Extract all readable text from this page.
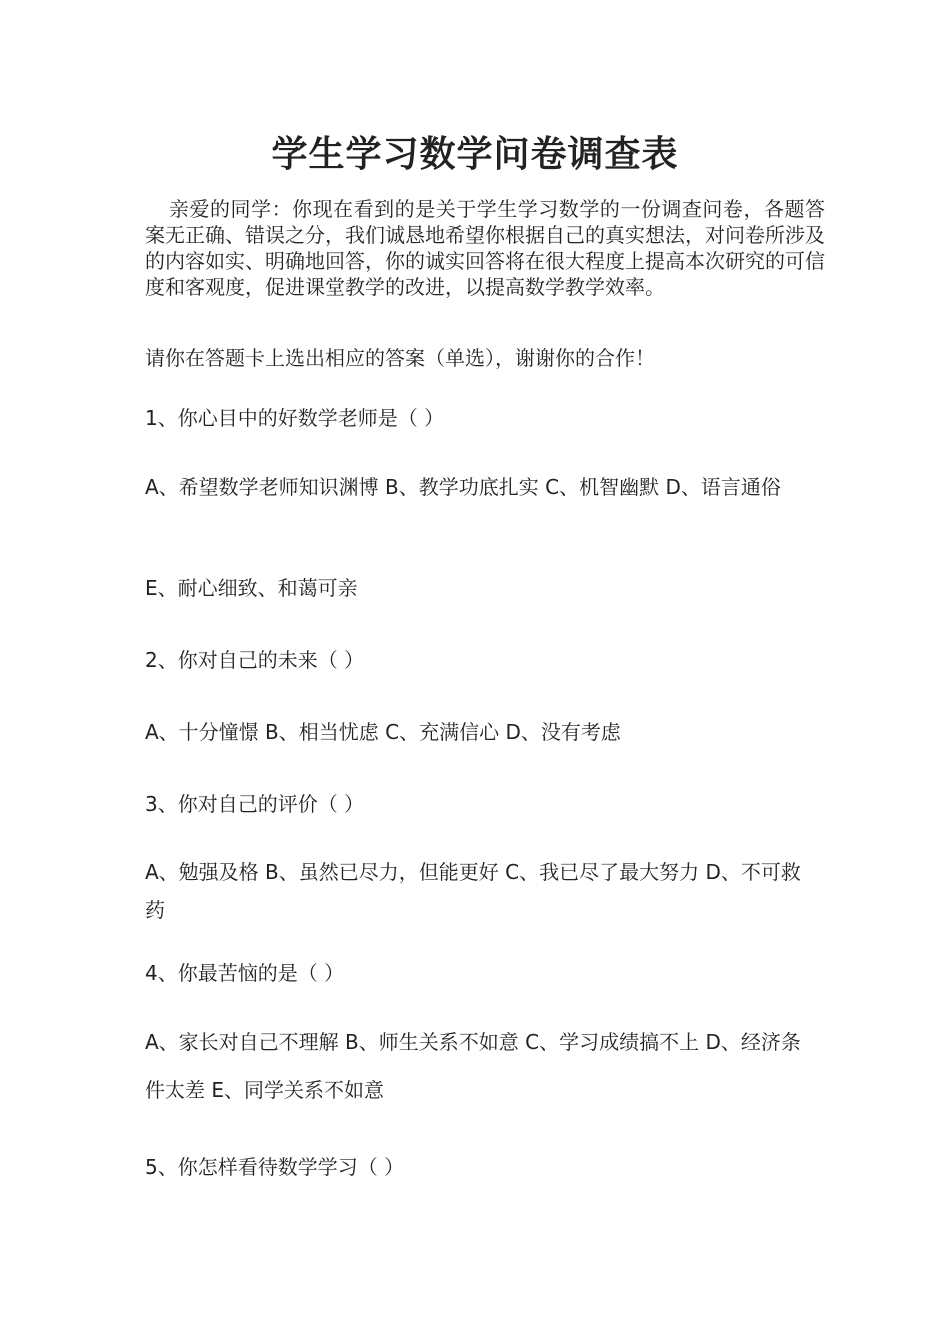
学生学习数学问卷调查表
亲爱的同学：你现在看到的是关于学生学习数学的一份调查问卷，各题答案无正确、错误之分，我们诚恳地希望你根据自己的真实想法，对问卷所涉及的内容如实、明确地回答，你的诚实回答将在很大程度上提高本次研究的可信度和客观度，促进课堂教学的改进，以提高数学教学效率。
请你在答题卡上选出相应的答案（单选），谢谢你的合作！
1、你心目中的好数学老师是（ ）
A、希望数学老师知识渊博 B、教学功底扎实 C、机智幽默 D、语言通俗
E、耐心细致、和蔼可亲
2、你对自己的未来（ ）
A、十分憧憬 B、相当忧虑 C、充满信心 D、没有考虑
3、你对自己的评价（ ）
A、勉强及格 B、虽然已尽力，但能更好 C、我已尽了最大努力 D、不可救药
4、你最苦恼的是（ ）
A、家长对自己不理解 B、师生关系不如意 C、学习成绩搞不上 D、经济条件太差 E、同学关系不如意
5、你怎样看待数学学习（ ）
